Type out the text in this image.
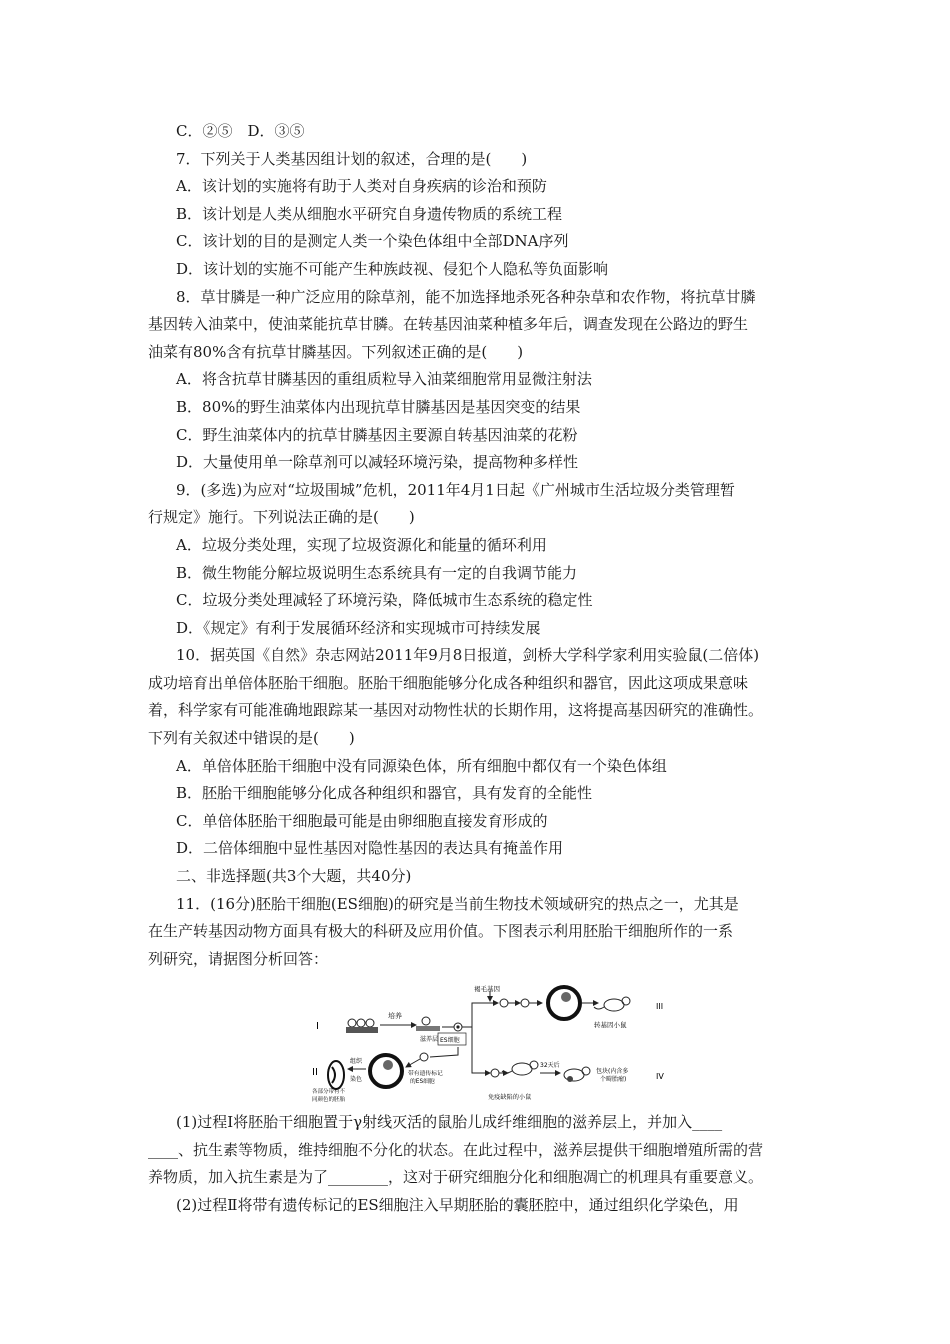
C．②⑤　D．③⑤
7．下列关于人类基因组计划的叙述，合理的是(　　)
A．该计划的实施将有助于人类对自身疾病的诊治和预防
B．该计划是人类从细胞水平研究自身遗传物质的系统工程
C．该计划的目的是测定人类一个染色体组中全部DNA序列
D．该计划的实施不可能产生种族歧视、侵犯个人隐私等负面影响
8．草甘膦是一种广泛应用的除草剂，能不加选择地杀死各种杂草和农作物，将抗草甘膦
基因转入油菜中，使油菜能抗草甘膦。在转基因油菜种植多年后，调查发现在公路边的野生
油菜有80%含有抗草甘膦基因。下列叙述正确的是(　　)
A．将含抗草甘膦基因的重组质粒导入油菜细胞常用显微注射法
B．80%的野生油菜体内出现抗草甘膦基因是基因突变的结果
C．野生油菜体内的抗草甘膦基因主要源自转基因油菜的花粉
D．大量使用单一除草剂可以减轻环境污染，提高物种多样性
9．(多选)为应对“垃圾围城”危机，2011年4月1日起《广州城市生活垃圾分类管理暂
行规定》施行。下列说法正确的是(　　)
A．垃圾分类处理，实现了垃圾资源化和能量的循环利用
B．微生物能分解垃圾说明生态系统具有一定的自我调节能力
C．垃圾分类处理减轻了环境污染，降低城市生态系统的稳定性
D．《规定》有利于发展循环经济和实现城市可持续发展
10．据英国《自然》杂志网站2011年9月8日报道，剑桥大学科学家利用实验鼠(二倍体)
成功培育出单倍体胚胎干细胞。胚胎干细胞能够分化成各种组织和器官，因此这项成果意味
着，科学家有可能准确地跟踪某一基因对动物性状的长期作用，这将提高基因研究的准确性。
下列有关叙述中错误的是(　　)
A．单倍体胚胎干细胞中没有同源染色体，所有细胞中都仅有一个染色体组
B．胚胎干细胞能够分化成各种组织和器官，具有发育的全能性
C．单倍体胚胎干细胞最可能是由卵细胞直接发育形成的
D．二倍体细胞中显性基因对隐性基因的表达具有掩盖作用
二、非选择题(共3个大题，共40分)
11．(16分)胚胎干细胞(ES细胞)的研究是当前生物技术领域研究的热点之一，尤其是
在生产转基因动物方面具有极大的科研及应用价值。下图表示利用胚胎干细胞所作的一系
列研究，请据图分析回答：
I
培养
滋养层 ES细胞
褐毛基因
转基因小鼠
III
II
各部分带有不
同颜色的胚胎
组织
染色
带有遗传标记
的ES细胞
免疫缺陷的小鼠
32天后
包块(内含多
个畸胎瘤)	IV
(1)过程Ⅰ将胚胎干细胞置于γ射线灭活的鼠胎儿成纤维细胞的滋养层上，并加入____
____、抗生素等物质，维持细胞不分化的状态。在此过程中，滋养层提供干细胞增殖所需的营
养物质，加入抗生素是为了________，这对于研究细胞分化和细胞凋亡的机理具有重要意义。
(2)过程Ⅱ将带有遗传标记的ES细胞注入早期胚胎的囊胚腔中，通过组织化学染色，用
